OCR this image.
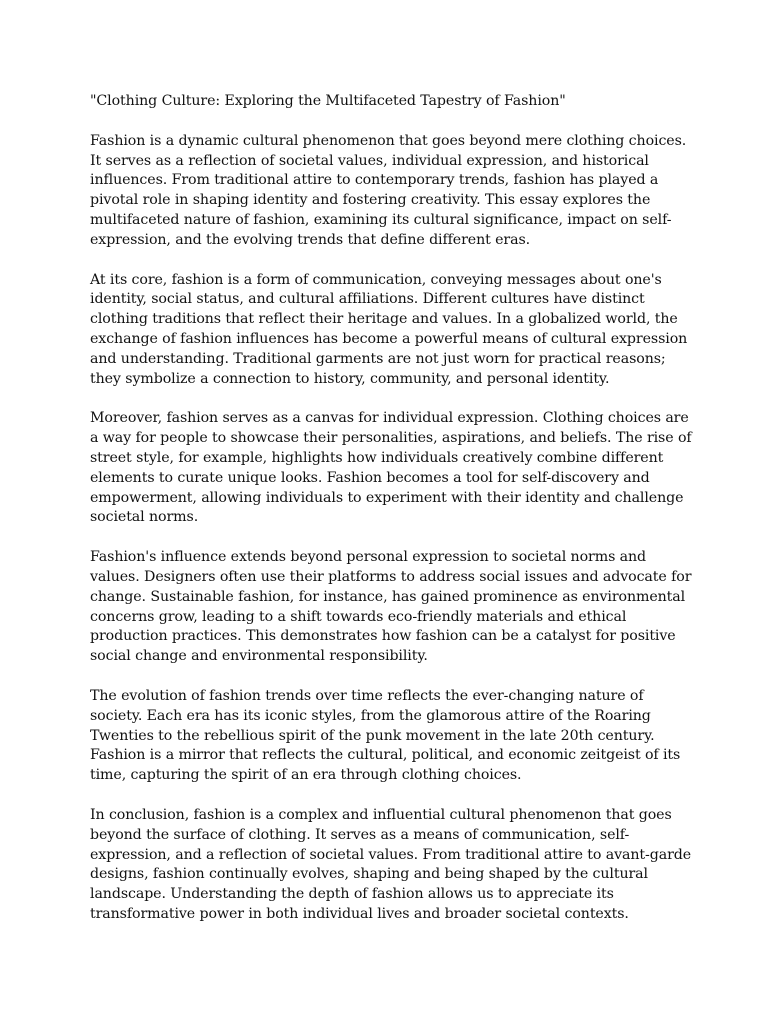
"Clothing Culture: Exploring the Multifaceted Tapestry of Fashion"
Fashion is a dynamic cultural phenomenon that goes beyond mere clothing choices.
It serves as a reflection of societal values, individual expression, and historical
influences. From traditional attire to contemporary trends, fashion has played a
pivotal role in shaping identity and fostering creativity. This essay explores the
multifaceted nature of fashion, examining its cultural significance, impact on self-
expression, and the evolving trends that define different eras.
At its core, fashion is a form of communication, conveying messages about one's
identity, social status, and cultural affiliations. Different cultures have distinct
clothing traditions that reflect their heritage and values. In a globalized world, the
exchange of fashion influences has become a powerful means of cultural expression
and understanding. Traditional garments are not just worn for practical reasons;
they symbolize a connection to history, community, and personal identity.
Moreover, fashion serves as a canvas for individual expression. Clothing choices are
a way for people to showcase their personalities, aspirations, and beliefs. The rise of
street style, for example, highlights how individuals creatively combine different
elements to curate unique looks. Fashion becomes a tool for self-discovery and
empowerment, allowing individuals to experiment with their identity and challenge
societal norms.
Fashion's influence extends beyond personal expression to societal norms and
values. Designers often use their platforms to address social issues and advocate for
change. Sustainable fashion, for instance, has gained prominence as environmental
concerns grow, leading to a shift towards eco-friendly materials and ethical
production practices. This demonstrates how fashion can be a catalyst for positive
social change and environmental responsibility.
The evolution of fashion trends over time reflects the ever-changing nature of
society. Each era has its iconic styles, from the glamorous attire of the Roaring
Twenties to the rebellious spirit of the punk movement in the late 20th century.
Fashion is a mirror that reflects the cultural, political, and economic zeitgeist of its
time, capturing the spirit of an era through clothing choices.
In conclusion, fashion is a complex and influential cultural phenomenon that goes
beyond the surface of clothing. It serves as a means of communication, self-
expression, and a reflection of societal values. From traditional attire to avant-garde
designs, fashion continually evolves, shaping and being shaped by the cultural
landscape. Understanding the depth of fashion allows us to appreciate its
transformative power in both individual lives and broader societal contexts.
